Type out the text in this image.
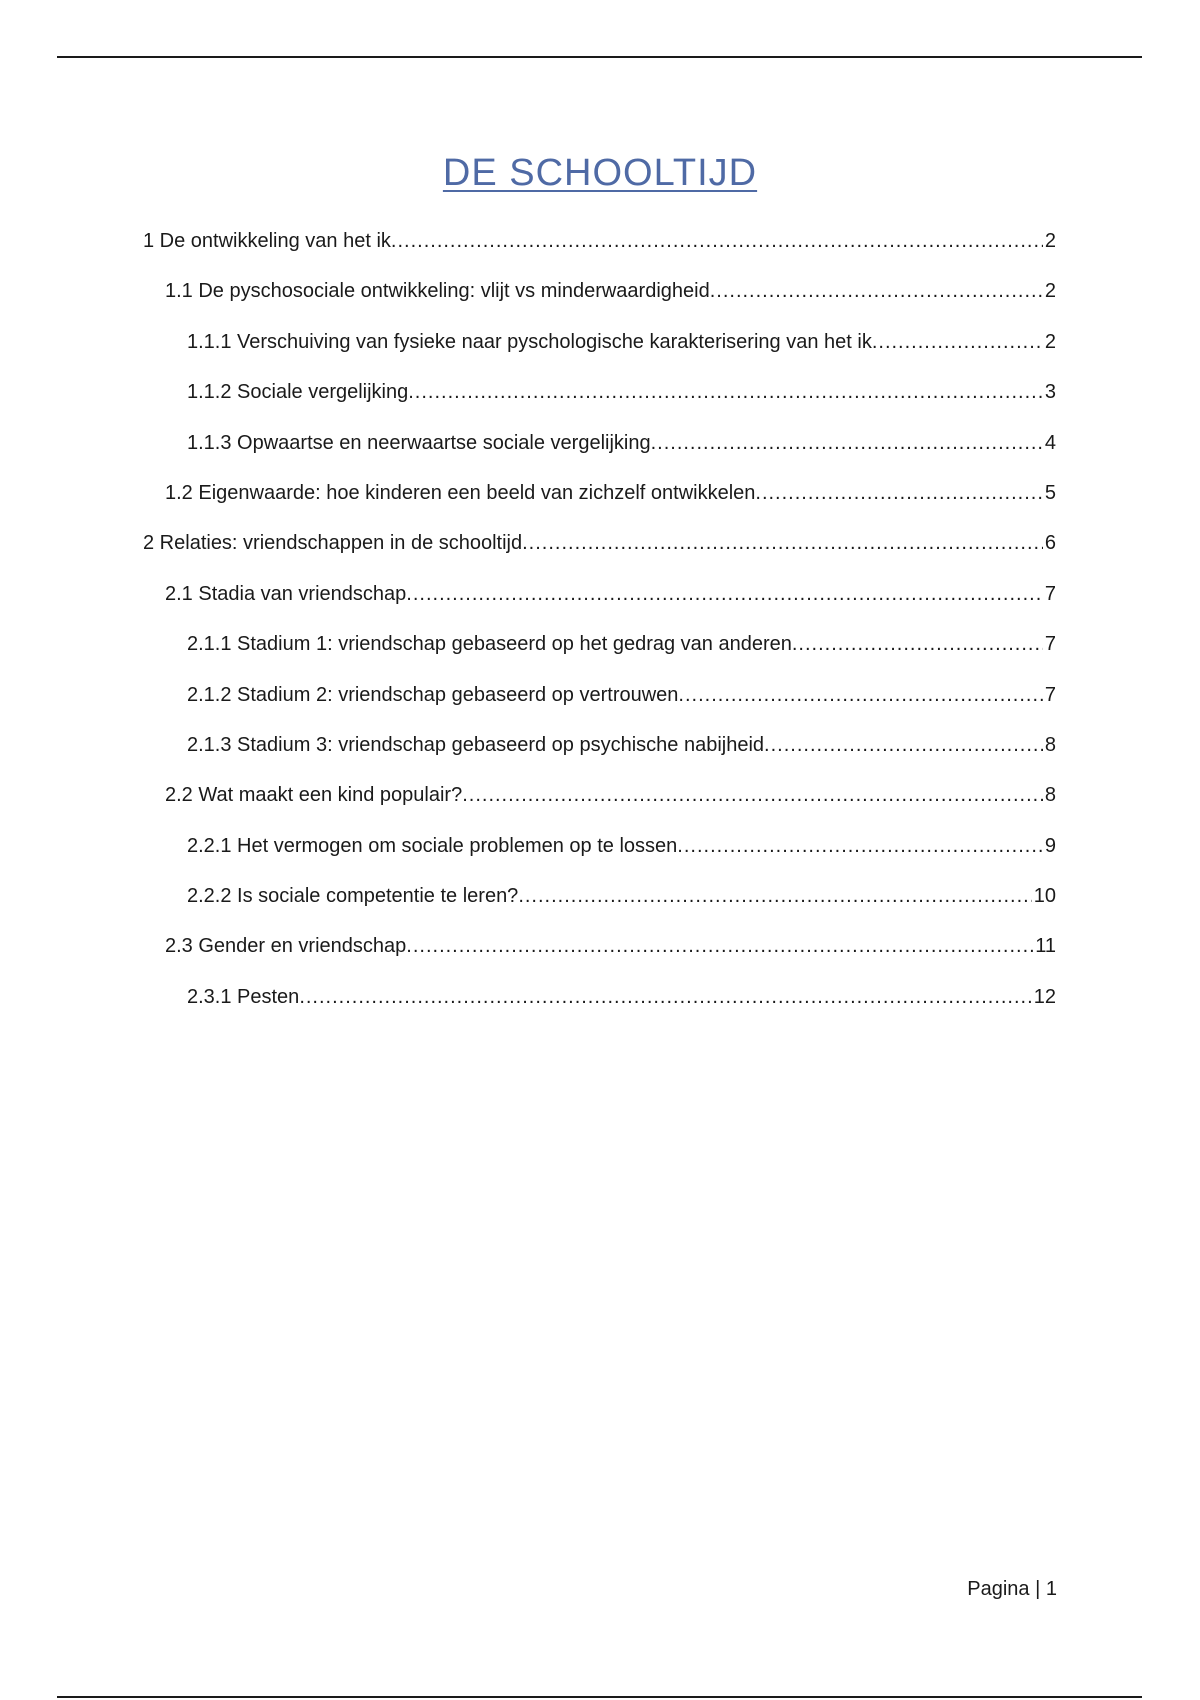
DE SCHOOLTIJD
1 De ontwikkeling van het ik .....	2
1.1 De pyschosociale ontwikkeling: vlijt vs minderwaardigheid .....	2
1.1.1 Verschuiving van fysieke naar pyschologische karakterisering van het ik .....	2
1.1.2 Sociale vergelijking .....	3
1.1.3 Opwaartse en neerwaartse sociale vergelijking .....	4
1.2 Eigenwaarde: hoe kinderen een beeld van zichzelf ontwikkelen .....	5
2 Relaties: vriendschappen in de schooltijd .....	6
2.1 Stadia van vriendschap .....	7
2.1.1 Stadium 1: vriendschap gebaseerd op het gedrag van anderen .....	7
2.1.2 Stadium 2: vriendschap gebaseerd op vertrouwen .....	7
2.1.3 Stadium 3: vriendschap gebaseerd op psychische nabijheid .....	8
2.2 Wat maakt een kind populair? .....	8
2.2.1 Het vermogen om sociale problemen op te lossen .....	9
2.2.2 Is sociale competentie te leren? .....	10
2.3 Gender en vriendschap .....	11
2.3.1 Pesten .....	12
Pagina | 1
